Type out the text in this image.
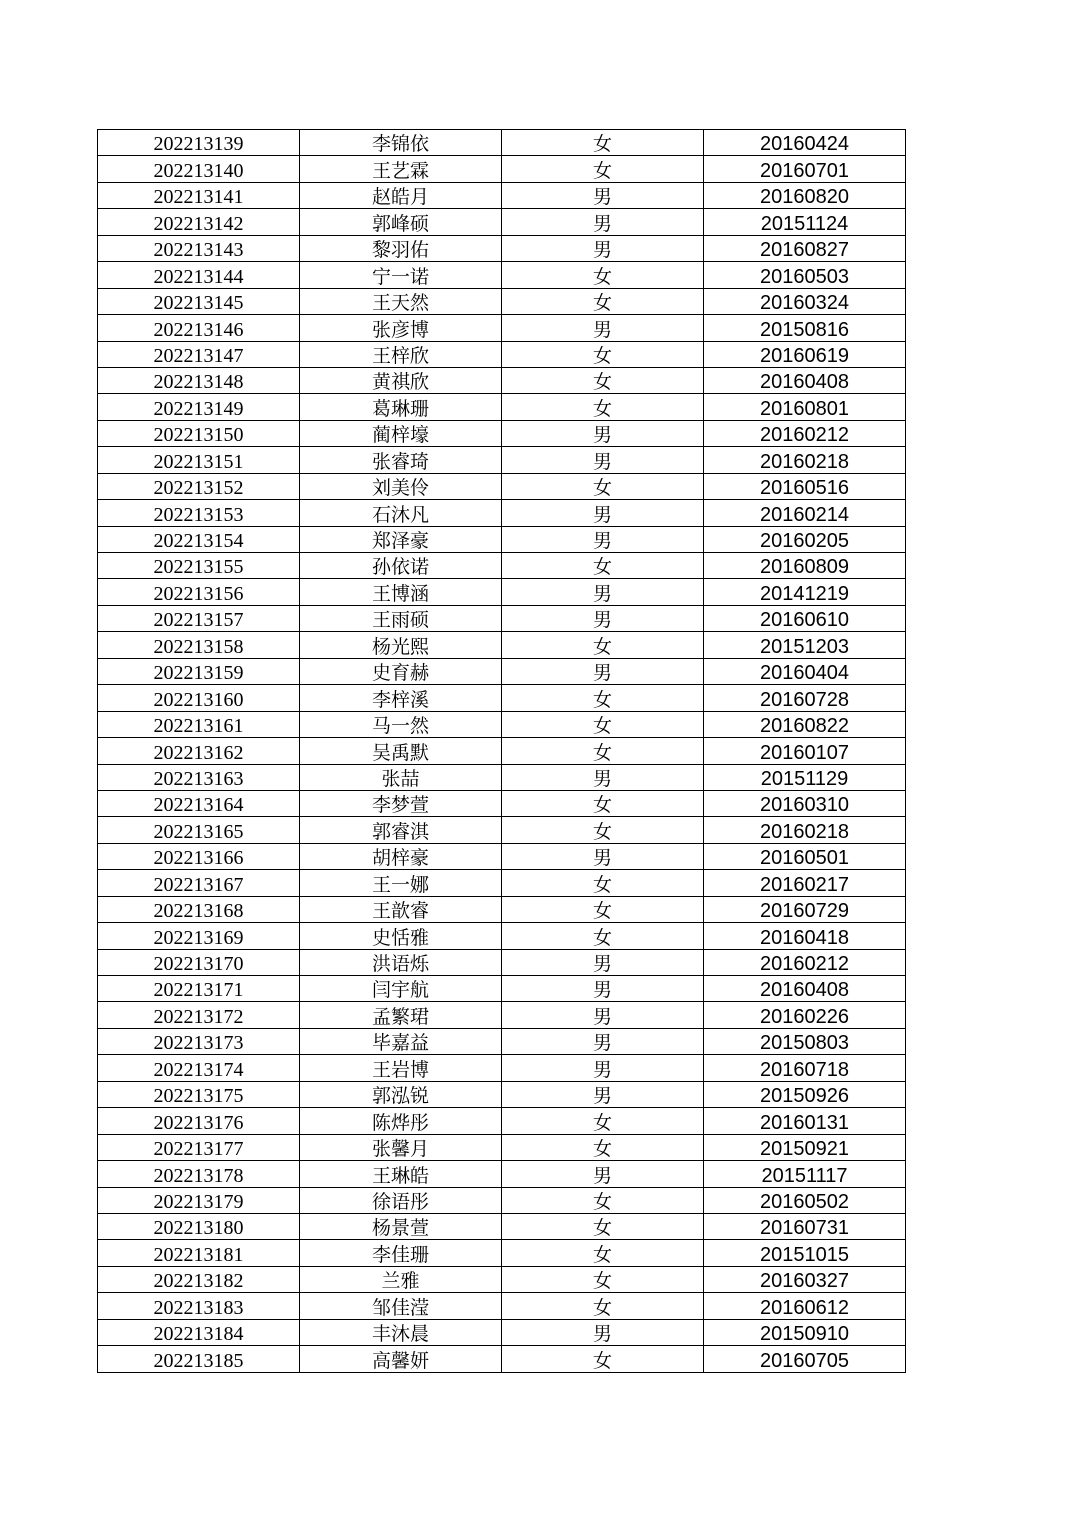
202213139	李锦依	女	20160424
202213140	王艺霖	女	20160701
202213141	赵皓月	男	20160820
202213142	郭峰硕	男	20151124
202213143	黎羽佑	男	20160827
202213144	宁一诺	女	20160503
202213145	王天然	女	20160324
202213146	张彦博	男	20150816
202213147	王梓欣	女	20160619
202213148	黄祺欣	女	20160408
202213149	葛琳珊	女	20160801
202213150	蔺梓壕	男	20160212
202213151	张睿琦	男	20160218
202213152	刘美伶	女	20160516
202213153	石沐凡	男	20160214
202213154	郑泽豪	男	20160205
202213155	孙依诺	女	20160809
202213156	王博涵	男	20141219
202213157	王雨硕	男	20160610
202213158	杨光熙	女	20151203
202213159	史育赫	男	20160404
202213160	李梓溪	女	20160728
202213161	马一然	女	20160822
202213162	吴禹默	女	20160107
202213163	张喆	男	20151129
202213164	李梦萱	女	20160310
202213165	郭睿淇	女	20160218
202213166	胡梓豪	男	20160501
202213167	王一娜	女	20160217
202213168	王歆睿	女	20160729
202213169	史恬雅	女	20160418
202213170	洪语烁	男	20160212
202213171	闫宇航	男	20160408
202213172	孟繁珺	男	20160226
202213173	毕嘉益	男	20150803
202213174	王岩博	男	20160718
202213175	郭泓锐	男	20150926
202213176	陈烨彤	女	20160131
202213177	张馨月	女	20150921
202213178	王琳皓	男	20151117
202213179	徐语彤	女	20160502
202213180	杨景萱	女	20160731
202213181	李佳珊	女	20151015
202213182	兰雅	女	20160327
202213183	邹佳滢	女	20160612
202213184	丰沐晨	男	20150910
202213185	高馨妍	女	20160705
